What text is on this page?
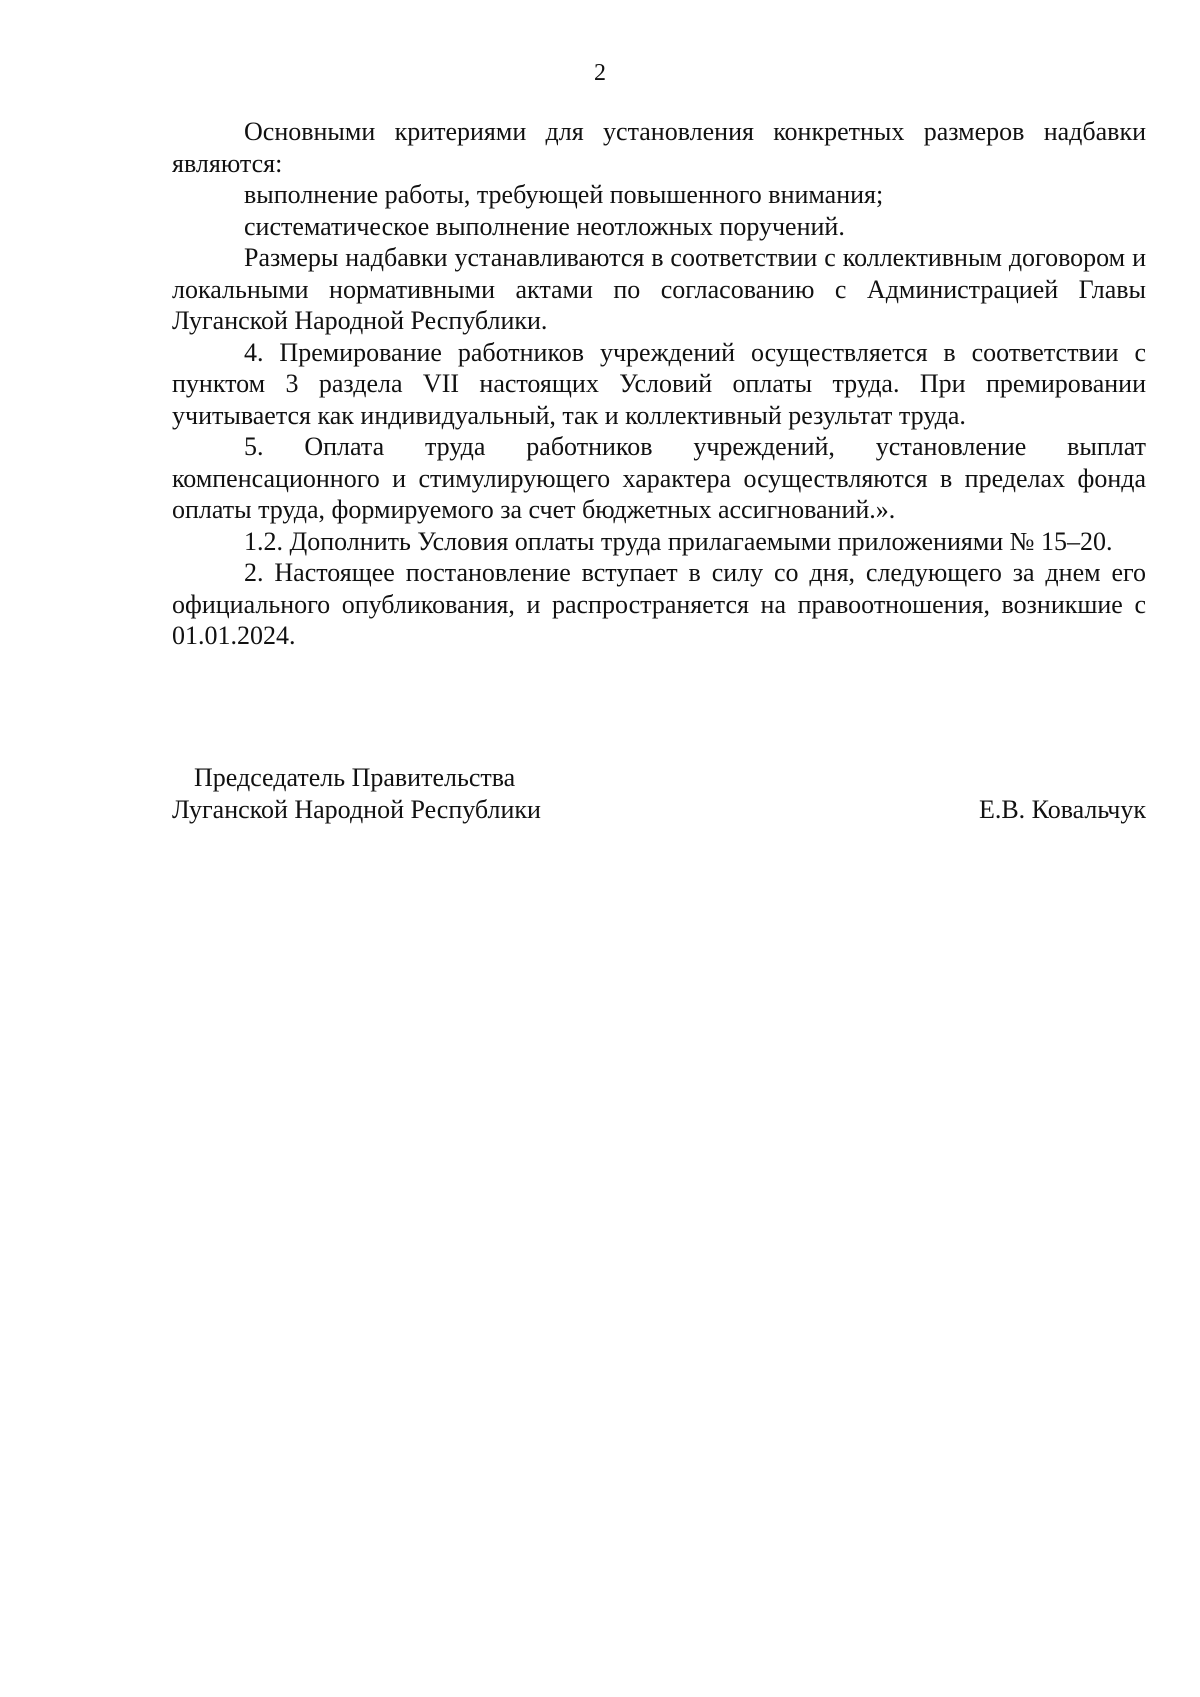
2

Основными критериями для установления конкретных размеров надбавки являются:

выполнение работы, требующей повышенного внимания;

систематическое выполнение неотложных поручений.

Размеры надбавки устанавливаются в соответствии с коллективным договором и локальными нормативными актами по согласованию с Администрацией Главы Луганской Народной Республики.

4. Премирование работников учреждений осуществляется в соответствии с пунктом 3 раздела VII настоящих Условий оплаты труда. При премировании учитывается как индивидуальный, так и коллективный результат труда.

5. Оплата труда работников учреждений, установление выплат компенсационного и стимулирующего характера осуществляются в пределах фонда оплаты труда, формируемого за счет бюджетных ассигнований.».

1.2. Дополнить Условия оплаты труда прилагаемыми приложениями № 15–20.

2. Настоящее постановление вступает в силу со дня, следующего за днем его официального опубликования, и распространяется на правоотношения, возникшие с 01.01.2024.

Председатель Правительства
Луганской Народной Республики	Е.В. Ковальчук
